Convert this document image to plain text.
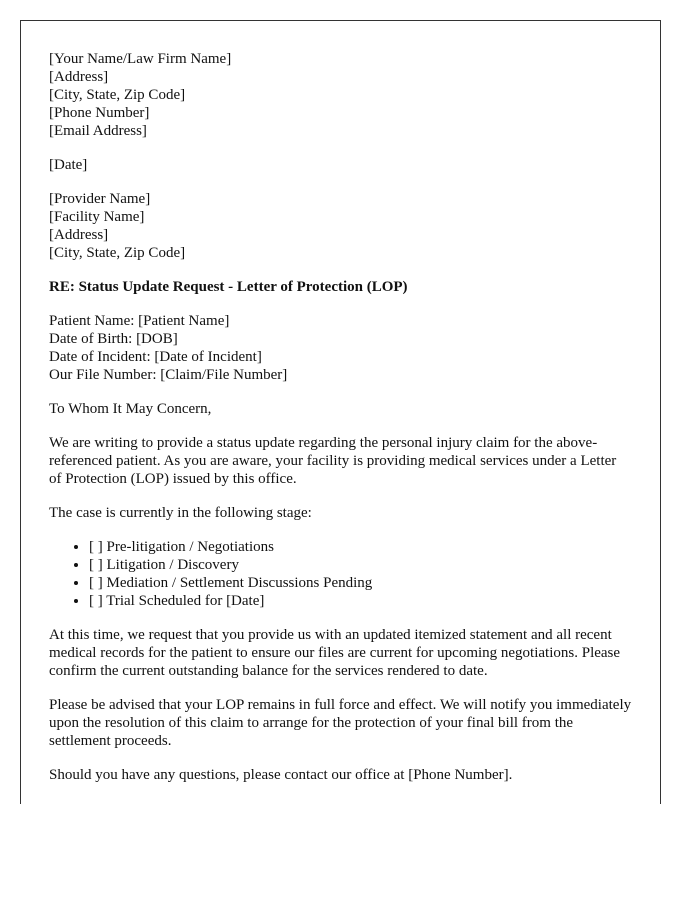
[Your Name/Law Firm Name]
[Address]
[City, State, Zip Code]
[Phone Number]
[Email Address]

[Date]

[Provider Name]
[Facility Name]
[Address]
[City, State, Zip Code]

RE: Status Update Request - Letter of Protection (LOP)

Patient Name: [Patient Name]
Date of Birth: [DOB]
Date of Incident: [Date of Incident]
Our File Number: [Claim/File Number]

To Whom It May Concern,

We are writing to provide a status update regarding the personal injury claim for the above-referenced patient. As you are aware, your facility is providing medical services under a Letter of Protection (LOP) issued by this office.

The case is currently in the following stage:

• [ ] Pre-litigation / Negotiations
• [ ] Litigation / Discovery
• [ ] Mediation / Settlement Discussions Pending
• [ ] Trial Scheduled for [Date]

At this time, we request that you provide us with an updated itemized statement and all recent medical records for the patient to ensure our files are current for upcoming negotiations. Please confirm the current outstanding balance for the services rendered to date.

Please be advised that your LOP remains in full force and effect. We will notify you immediately upon the resolution of this claim to arrange for the protection of your final bill from the settlement proceeds.

Should you have any questions, please contact our office at [Phone Number].
